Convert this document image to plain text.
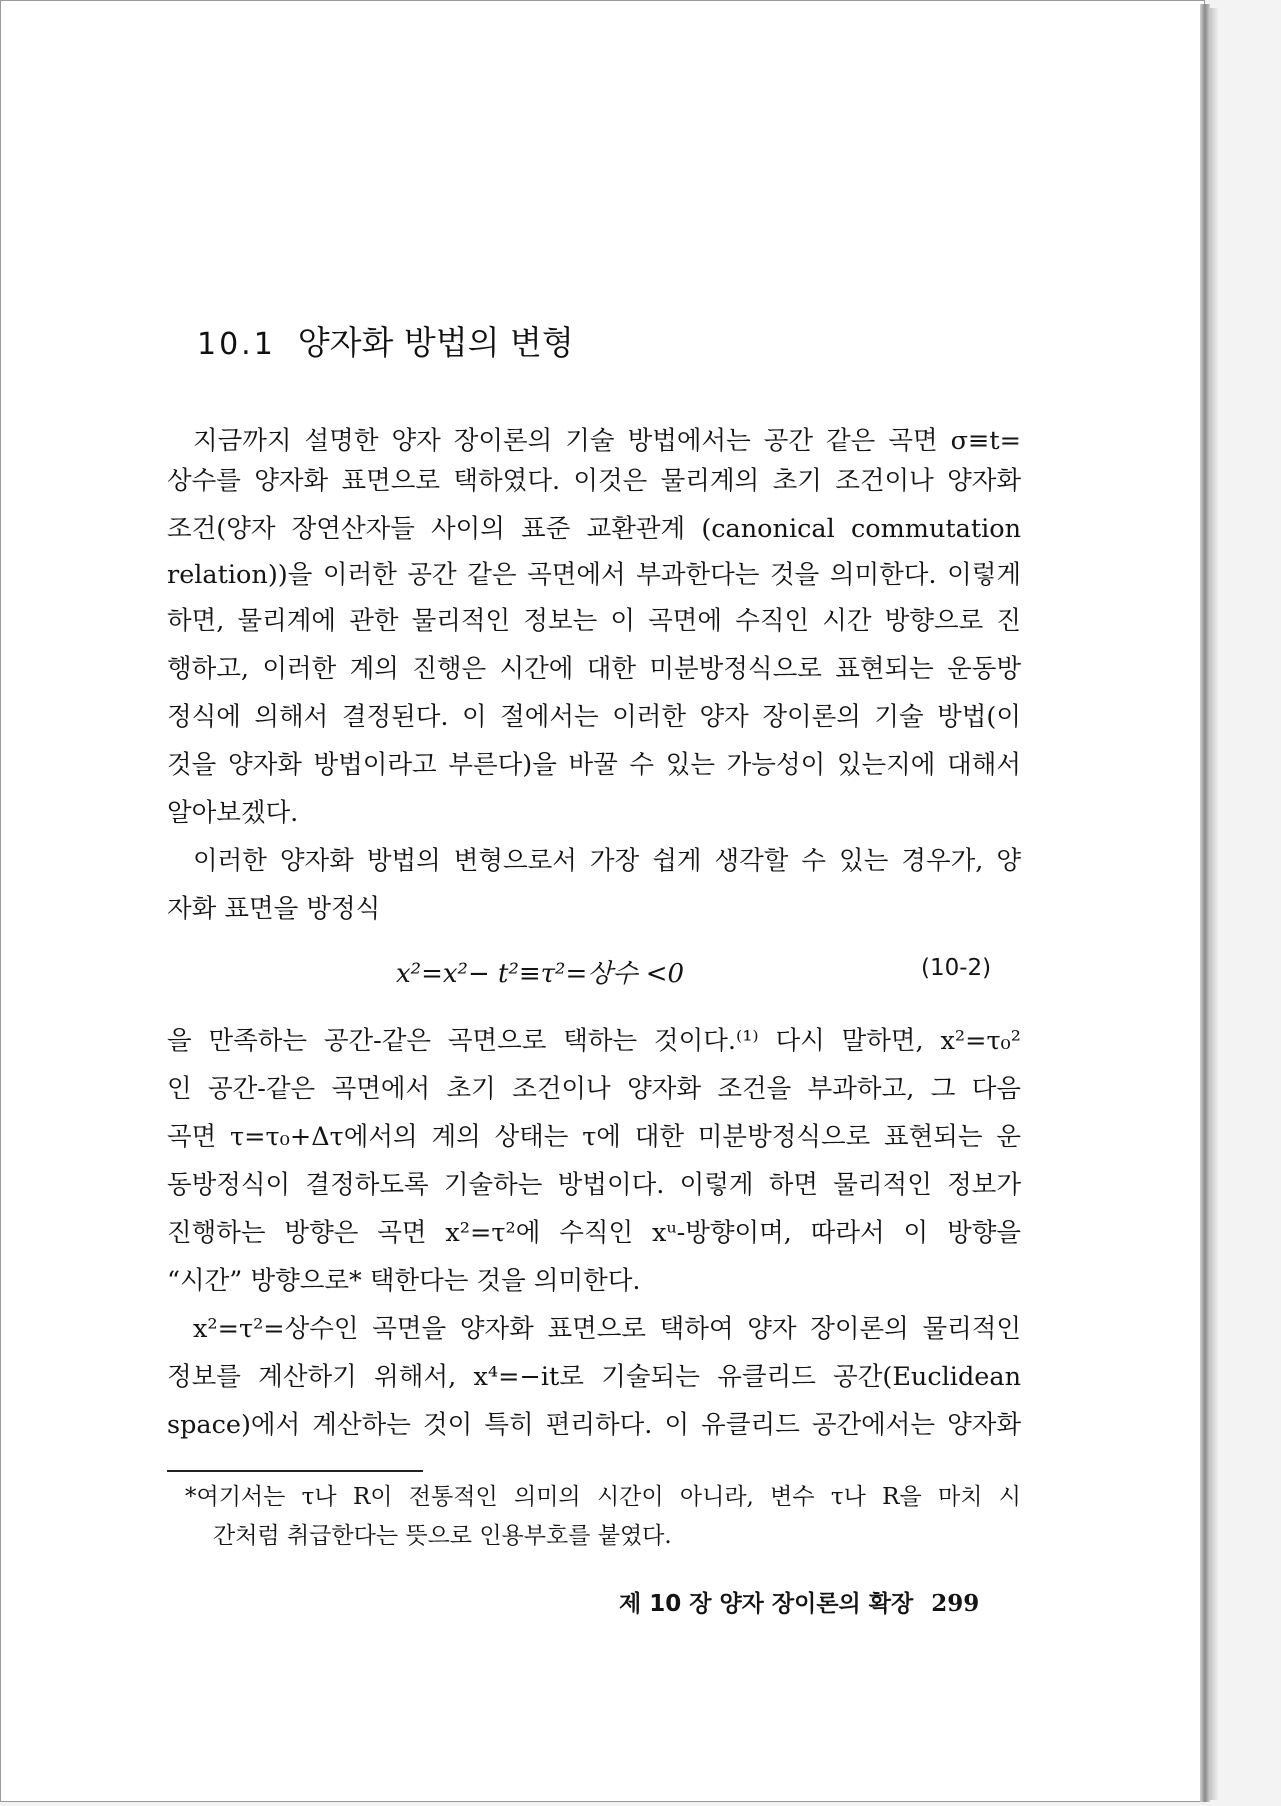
10.1 양자화 방법의 변형
지금까지 설명한 양자 장이론의 기술 방법에서는 공간 같은 곡면 σ≡t=
상수를 양자화 표면으로 택하였다. 이것은 물리계의 초기 조건이나 양자화
조건(양자 장연산자들 사이의 표준 교환관계 (canonical commutation
relation))을 이러한 공간 같은 곡면에서 부과한다는 것을 의미한다. 이렇게
하면, 물리계에 관한 물리적인 정보는 이 곡면에 수직인 시간 방향으로 진
행하고, 이러한 계의 진행은 시간에 대한 미분방정식으로 표현되는 운동방
정식에 의해서 결정된다. 이 절에서는 이러한 양자 장이론의 기술 방법(이
것을 양자화 방법이라고 부른다)을 바꿀 수 있는 가능성이 있는지에 대해서
알아보겠다.
이러한 양자화 방법의 변형으로서 가장 쉽게 생각할 수 있는 경우가, 양
자화 표면을 방정식
x²=x²− t²≡τ²=상수 <0	(10-2)
을 만족하는 공간-같은 곡면으로 택하는 것이다.⁽¹⁾ 다시 말하면, x²=τ₀²
인 공간-같은 곡면에서 초기 조건이나 양자화 조건을 부과하고, 그 다음
곡면 τ=τ₀+Δτ에서의 계의 상태는 τ에 대한 미분방정식으로 표현되는 운
동방정식이 결정하도록 기술하는 방법이다. 이렇게 하면 물리적인 정보가
진행하는 방향은 곡면 x²=τ²에 수직인 xᵘ-방향이며, 따라서 이 방향을
“시간” 방향으로* 택한다는 것을 의미한다.
x²=τ²=상수인 곡면을 양자화 표면으로 택하여 양자 장이론의 물리적인
정보를 계산하기 위해서, x⁴=−it로 기술되는 유클리드 공간(Euclidean
space)에서 계산하는 것이 특히 편리하다. 이 유클리드 공간에서는 양자화
*여기서는 τ나 R이 전통적인 의미의 시간이 아니라, 변수 τ나 R을 마치 시
간처럼 취급한다는 뜻으로 인용부호를 붙였다.
제 10 장 양자 장이론의 확장 299
